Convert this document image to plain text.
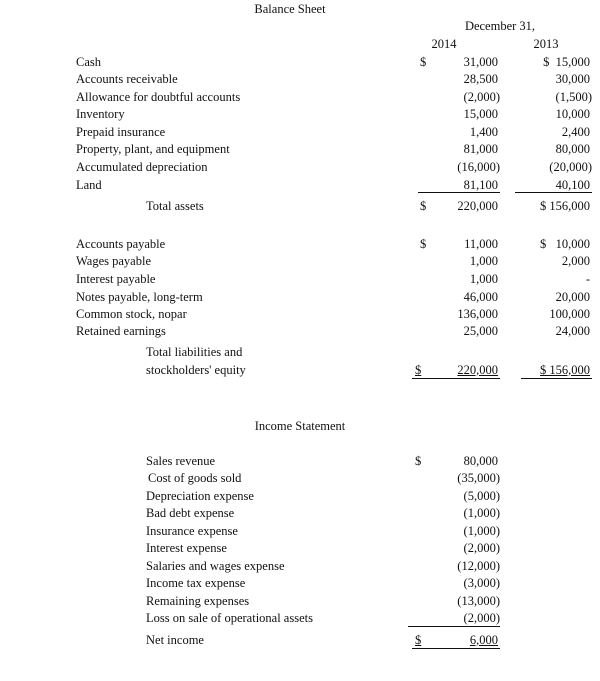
Balance Sheet
December 31,
2014	2013
Cash	$	31,000	$  15,000
Accounts receivable	28,500	30,000
Allowance for doubtful accounts	(2,000)	(1,500)
Inventory	15,000	10,000
Prepaid insurance	1,400	2,400
Property, plant, and equipment	81,000	80,000
Accumulated depreciation	(16,000)	(20,000)
Land	81,100	40,100
Total assets	$	220,000	$ 156,000
Accounts payable	$	11,000	$   10,000
Wages payable	1,000	2,000
Interest payable	1,000	-
Notes payable, long-term	46,000	20,000
Common stock, nopar	136,000	100,000
Retained earnings	25,000	24,000
Total liabilities and
stockholders' equity	$	220,000	$ 156,000
Income Statement
Sales revenue	$	80,000
Cost of goods sold	(35,000)
Depreciation expense	(5,000)
Bad debt expense	(1,000)
Insurance expense	(1,000)
Interest expense	(2,000)
Salaries and wages expense	(12,000)
Income tax expense	(3,000)
Remaining expenses	(13,000)
Loss on sale of operational assets	(2,000)
Net income	$	6,000
